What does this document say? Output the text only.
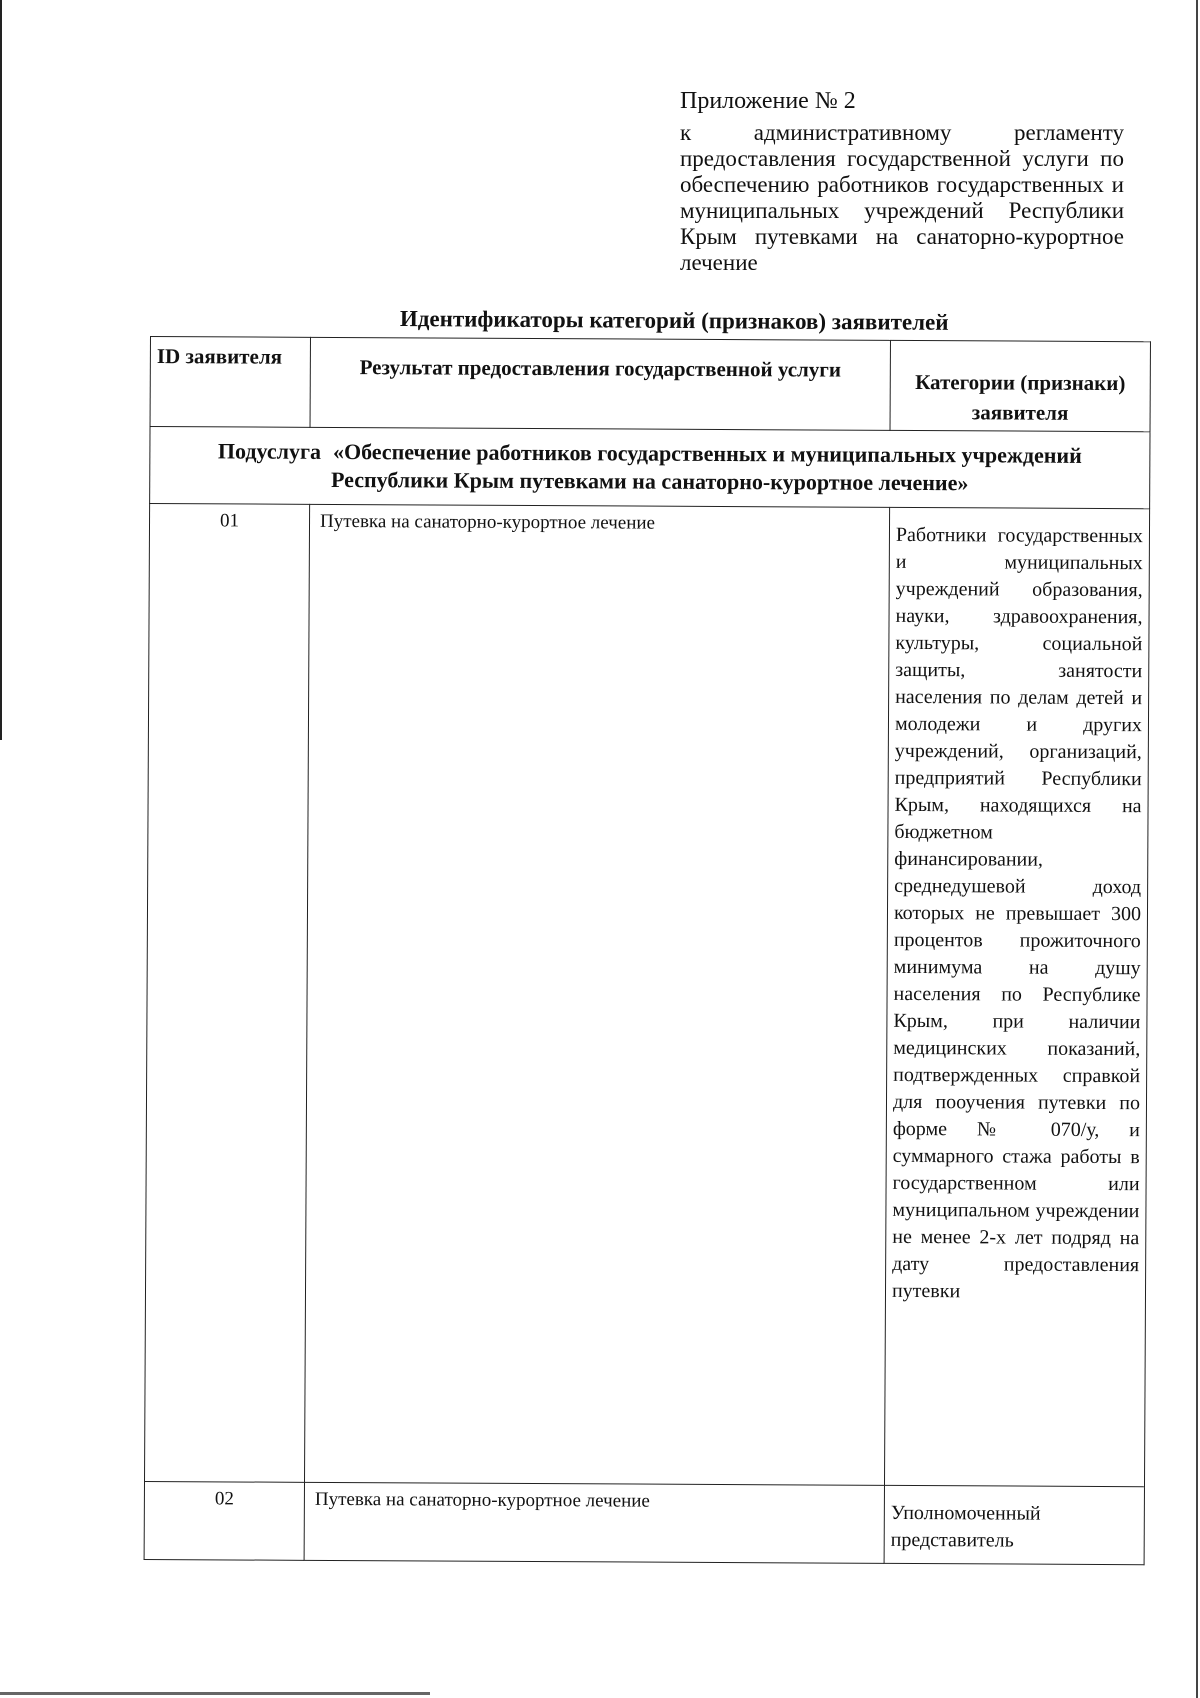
Приложение № 2
к административному регламенту предоставления государственной услуги по обеспечению работников государственных и муниципальных учреждений Республики Крым путевками на санаторно-курортное лечение
Идентификаторы категорий (признаков) заявителей
ID заявителя	Результат предоставления государственной услуги	Категории (признаки) заявителя
Подуслуга «Обеспечение работников государственных и муниципальных учреждений Республики Крым путевками на санаторно-курортное лечение»		
01	Путевка на санаторно-курортное лечение	Работники государственных и муниципальных учреждений образования, науки, здравоохранения, культуры, социальной защиты, занятости населения по делам детей и молодежи и других учреждений, организаций, предприятий Республики Крым, находящихся на бюджетном финансировании, среднедушевой доход которых не превышает 300 процентов прожиточного минимума на душу населения по Республике Крым, при наличии медицинских показаний, подтвержденных справкой для пооучения путевки по форме № 070/у, и суммарного стажа работы в государственном или муниципальном учреждении не менее 2-х лет подряд на дату предоставления путевки
02	Путевка на санаторно-курортное лечение	Уполномоченный представитель
